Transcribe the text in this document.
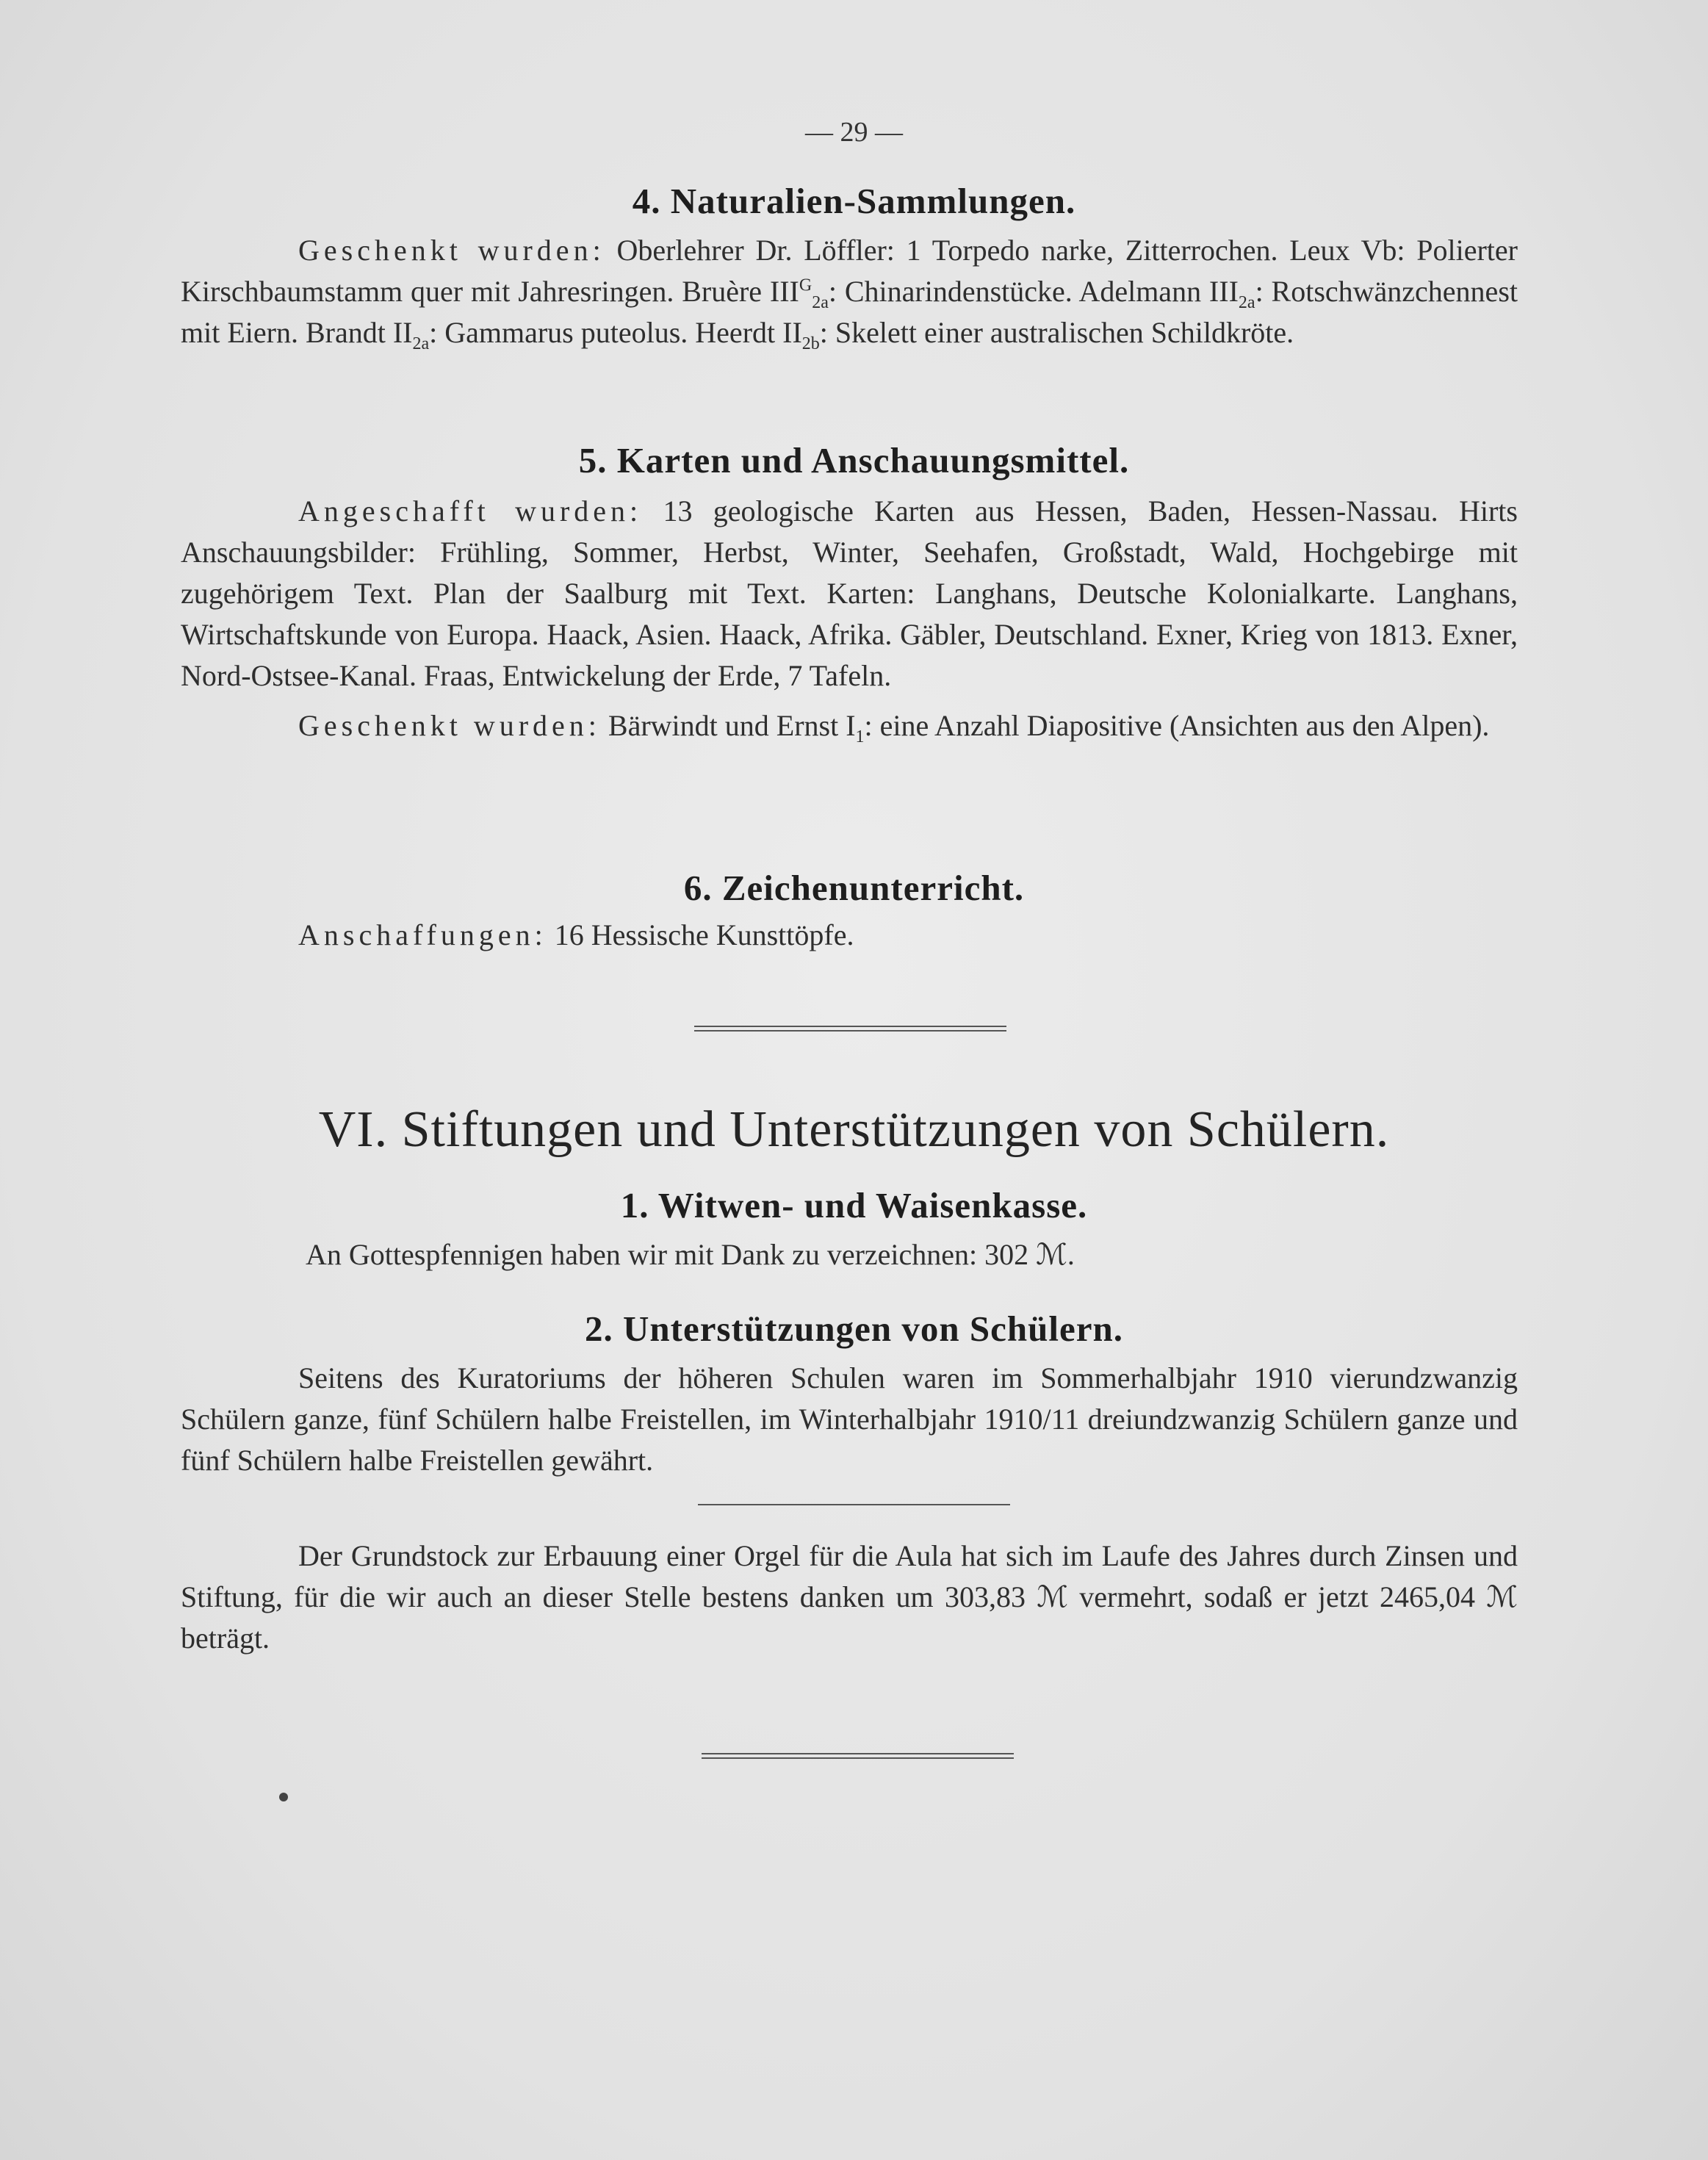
— 29 —
4. Naturalien-Sammlungen.

Geschenkt wurden: Oberlehrer Dr. Löffler: 1 Torpedo narke, Zitterrochen. Leux Vb: Polierter Kirschbaumstamm quer mit Jahresringen. Bruère $III^G_{2a}$: Chinarindenstücke. Adelmann $III_{2a}$: Rotschwänzchennest mit Eiern. Brandt $II_{2a}$: Gammarus puteolus. Heerdt $II_{2b}$: Skelett einer australischen Schildkröte.

5. Karten und Anschauungsmittel.

Angeschafft wurden: 13 geologische Karten aus Hessen, Baden, Hessen-Nassau. Hirts Anschauungsbilder: Frühling, Sommer, Herbst, Winter, Seehafen, Großstadt, Wald, Hochgebirge mit zugehörigem Text. Plan der Saalburg mit Text. Karten: Langhans, Deutsche Kolonialkarte. Langhans, Wirtschaftskunde von Europa. Haack, Asien. Haack, Afrika. Gäbler, Deutschland. Exner, Krieg von 1813. Exner, Nord-Ostsee-Kanal. Fraas, Entwickelung der Erde, 7 Tafeln.

Geschenkt wurden: Bärwindt und Ernst $I_1$: eine Anzahl Diapositive (Ansichten aus den Alpen).

6. Zeichenunterricht.

Anschaffungen: 16 Hessische Kunsttöpfe.

VI. Stiftungen und Unterstützungen von Schülern.
1. Witwen- und Waisenkasse.
An Gottespfennigen haben wir mit Dank zu verzeichnen: 302 ℳ.
2. Unterstützungen von Schülern.

Seitens des Kuratoriums der höheren Schulen waren im Sommerhalbjahr 1910 vierundzwanzig Schülern ganze, fünf Schülern halbe Freistellen, im Winterhalbjahr 1910/11 dreiundzwanzig Schülern ganze und fünf Schülern halbe Freistellen gewährt.

Der Grundstock zur Erbauung einer Orgel für die Aula hat sich im Laufe des Jahres durch Zinsen und Stiftung, für die wir auch an dieser Stelle bestens danken um 303,83 ℳ vermehrt, sodaß er jetzt 2465,04 ℳ beträgt.
